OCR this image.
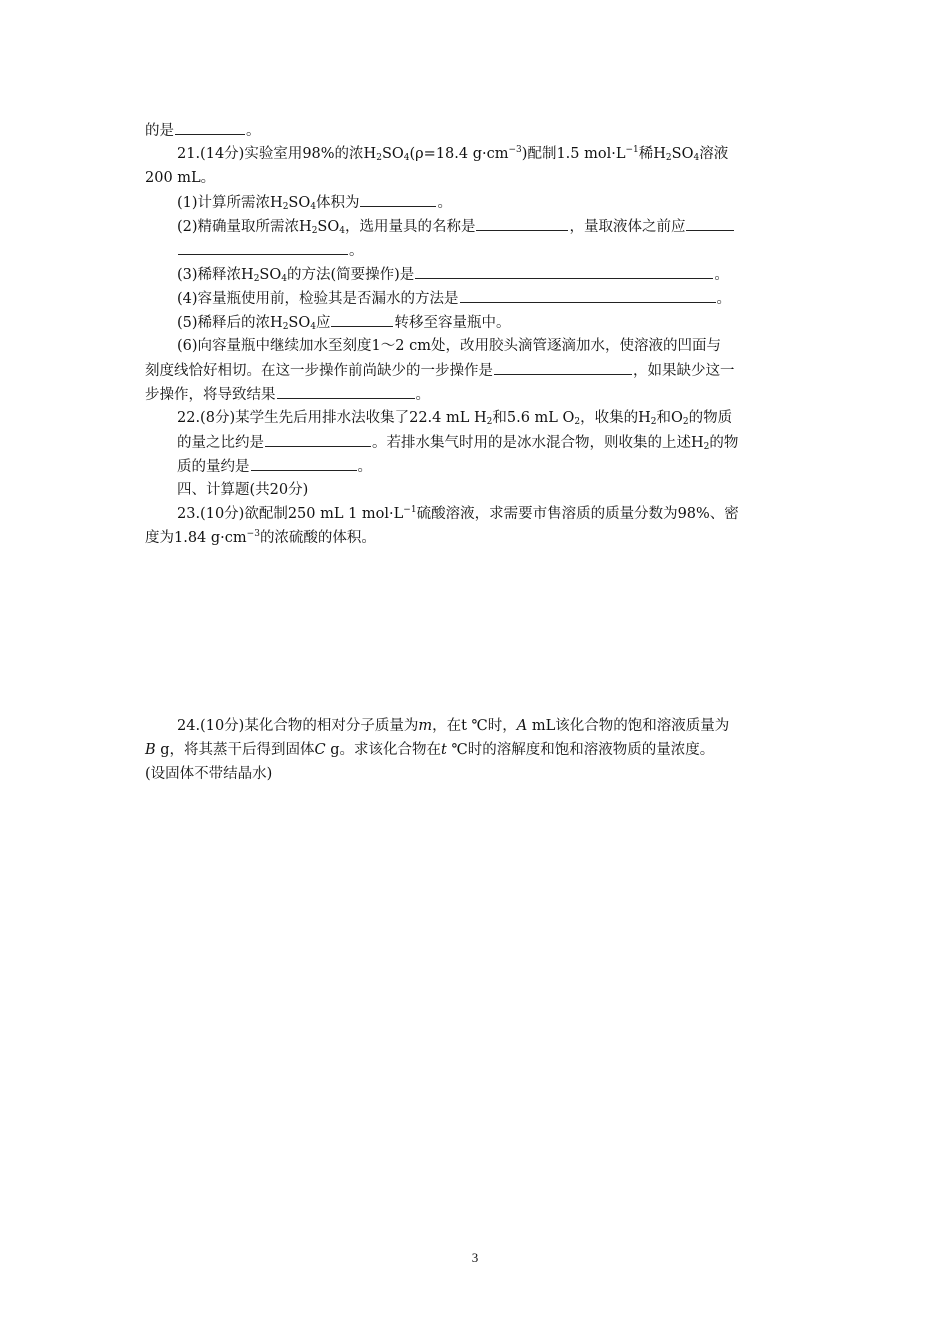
的是	。
21.(14分)实验室用98%的浓$H_2SO_4(\rho=18.4$ $g\cdot cm^{-3}$)配制1.5 $mol\cdot L^{-1}$稀$H_2SO_4$溶液
200 mL。
(1)计算所需浓$H_2SO_4$体积为	。
(2)精确量取所需浓$H_2SO_4$，选用量具的名称是	，量取液体之前应
。
(3)稀释浓$H_2SO_4$的方法(简要操作)是	。
(4)容量瓶使用前，检验其是否漏水的方法是	。
(5)稀释后的浓$H_2SO_4$应	转移至容量瓶中。
(6)向容量瓶中继续加水至刻度1～2 cm处，改用胶头滴管逐滴加水，使溶液的凹面与
刻度线恰好相切。在这一步操作前尚缺少的一步操作是	，如果缺少这一
步操作，将导致结果	。
22.(8分)某学生先后用排水法收集了22.4 mL $H_2$和5.6 mL $O_2$，收集的$H_2$和$O_2$的物质
的量之比约是	。若排水集气时用的是冰水混合物，则收集的上述$H_2$的物
质的量约是	。
四、计算题(共20分)
23.(10分)欲配制250 mL 1 $mol\cdot L^{-1}$硫酸溶液，求需要市售溶质的质量分数为98%、密
度为1.84 $g\cdot cm^{-3}$的浓硫酸的体积。
24.(10分)某化合物的相对分子质量为m，在t ℃时，A mL该化合物的饱和溶液质量为
B g，将其蒸干后得到固体C g。求该化合物在t ℃时的溶解度和饱和溶液物质的量浓度。
(设固体不带结晶水)
3
